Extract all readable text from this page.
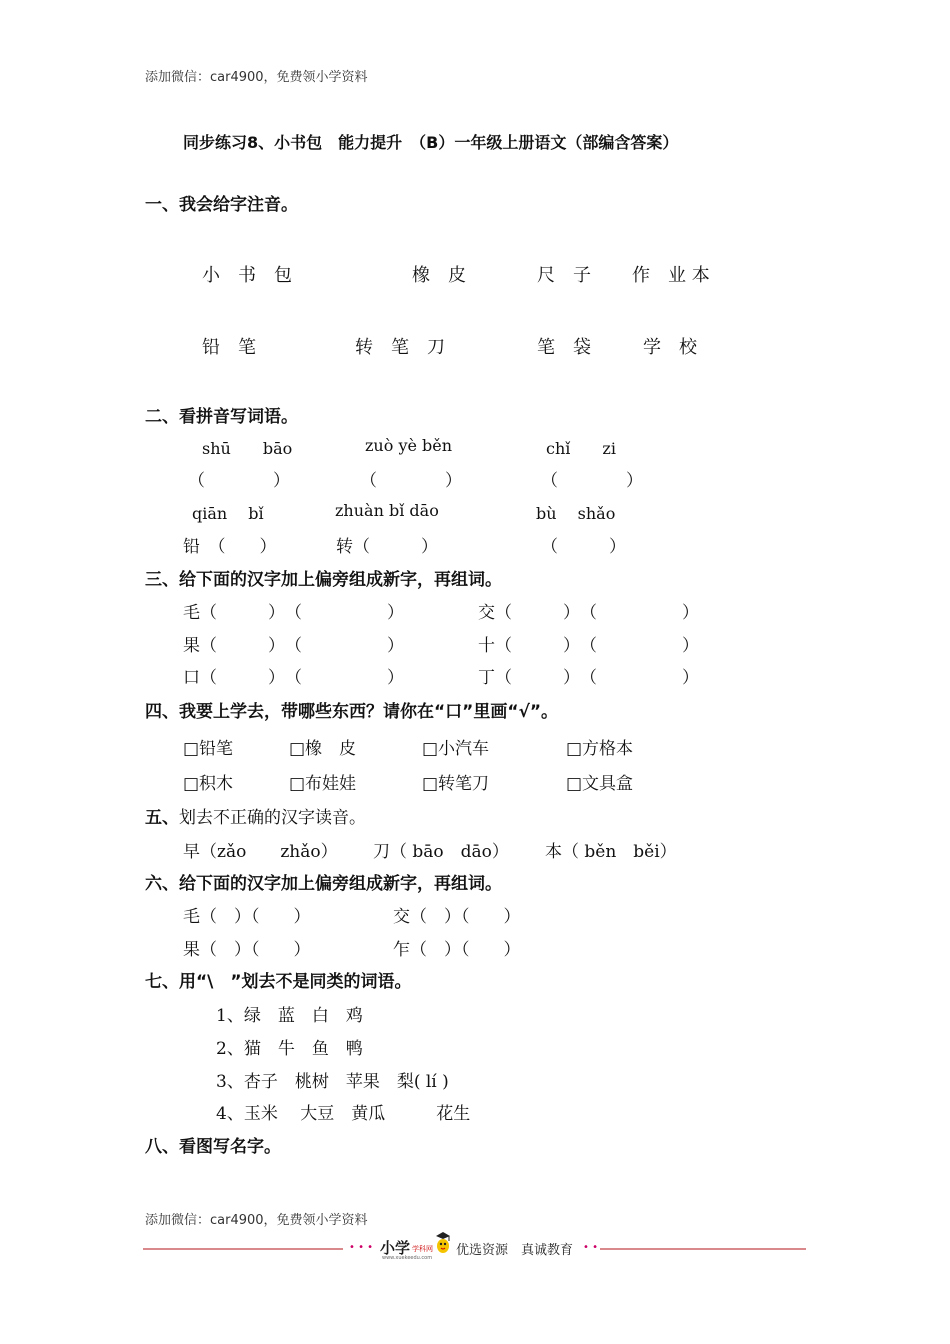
添加微信：car4900，免费领小学资料
同步练习8、小书包　能力提升　（B）一年级上册语文（部编含答案）
一、我会给字注音。
小　书　包	橡　皮	尺　子 作　业 本
铅　笔	转　笔　刀	笔　袋	学　校
二、看拼音写词语。
shū　　bāo	zuò yè běn	chǐ　　zi
（　　　　）	（　　　　）	（　　　　）
qiān　 bǐ	zhuàn bǐ dāo	bù　 shǎo
铅　（　　）	转（　　　）	（　　　）
三、给下面的汉字加上偏旁组成新字，再组词。
毛（　　　）　（　　　　　）	交（　　　）　（　　　　　）
果（　　　）　（　　　　　）	十（　　　）　（　　　　　）
口（　　　）　（　　　　　）	丁（　　　）　（　　　　　）
四、我要上学去，带哪些东西？请你在“口”里画“√”。
□铅笔	□橡　皮	□小汽车	□方格本
□积木	□布娃娃	□转笔刀	□文具盒
五、划去不正确的汉字读音。
早（zǎo　　zhǎo） 刀（ bāo　dāo） 本（ běn　běi）
六、给下面的汉字加上偏旁组成新字，再组词。
毛（　）（　　）	交（　）（　　）
果（　）（　　）	乍（　）（　　）
七、用“\　”划去不是同类的词语。
1、绿　蓝　白　鸡
2、猫　牛　鱼　鸭
3、杏子　桃树　苹果　梨( lí )
4、玉米　 大豆　黄瓜　　　花生
八、看图写名字。
添加微信：car4900，免费领小学资料
• • •	• •

小学

学科网

www.xuekeedu.com

优选资源　真诚教育
